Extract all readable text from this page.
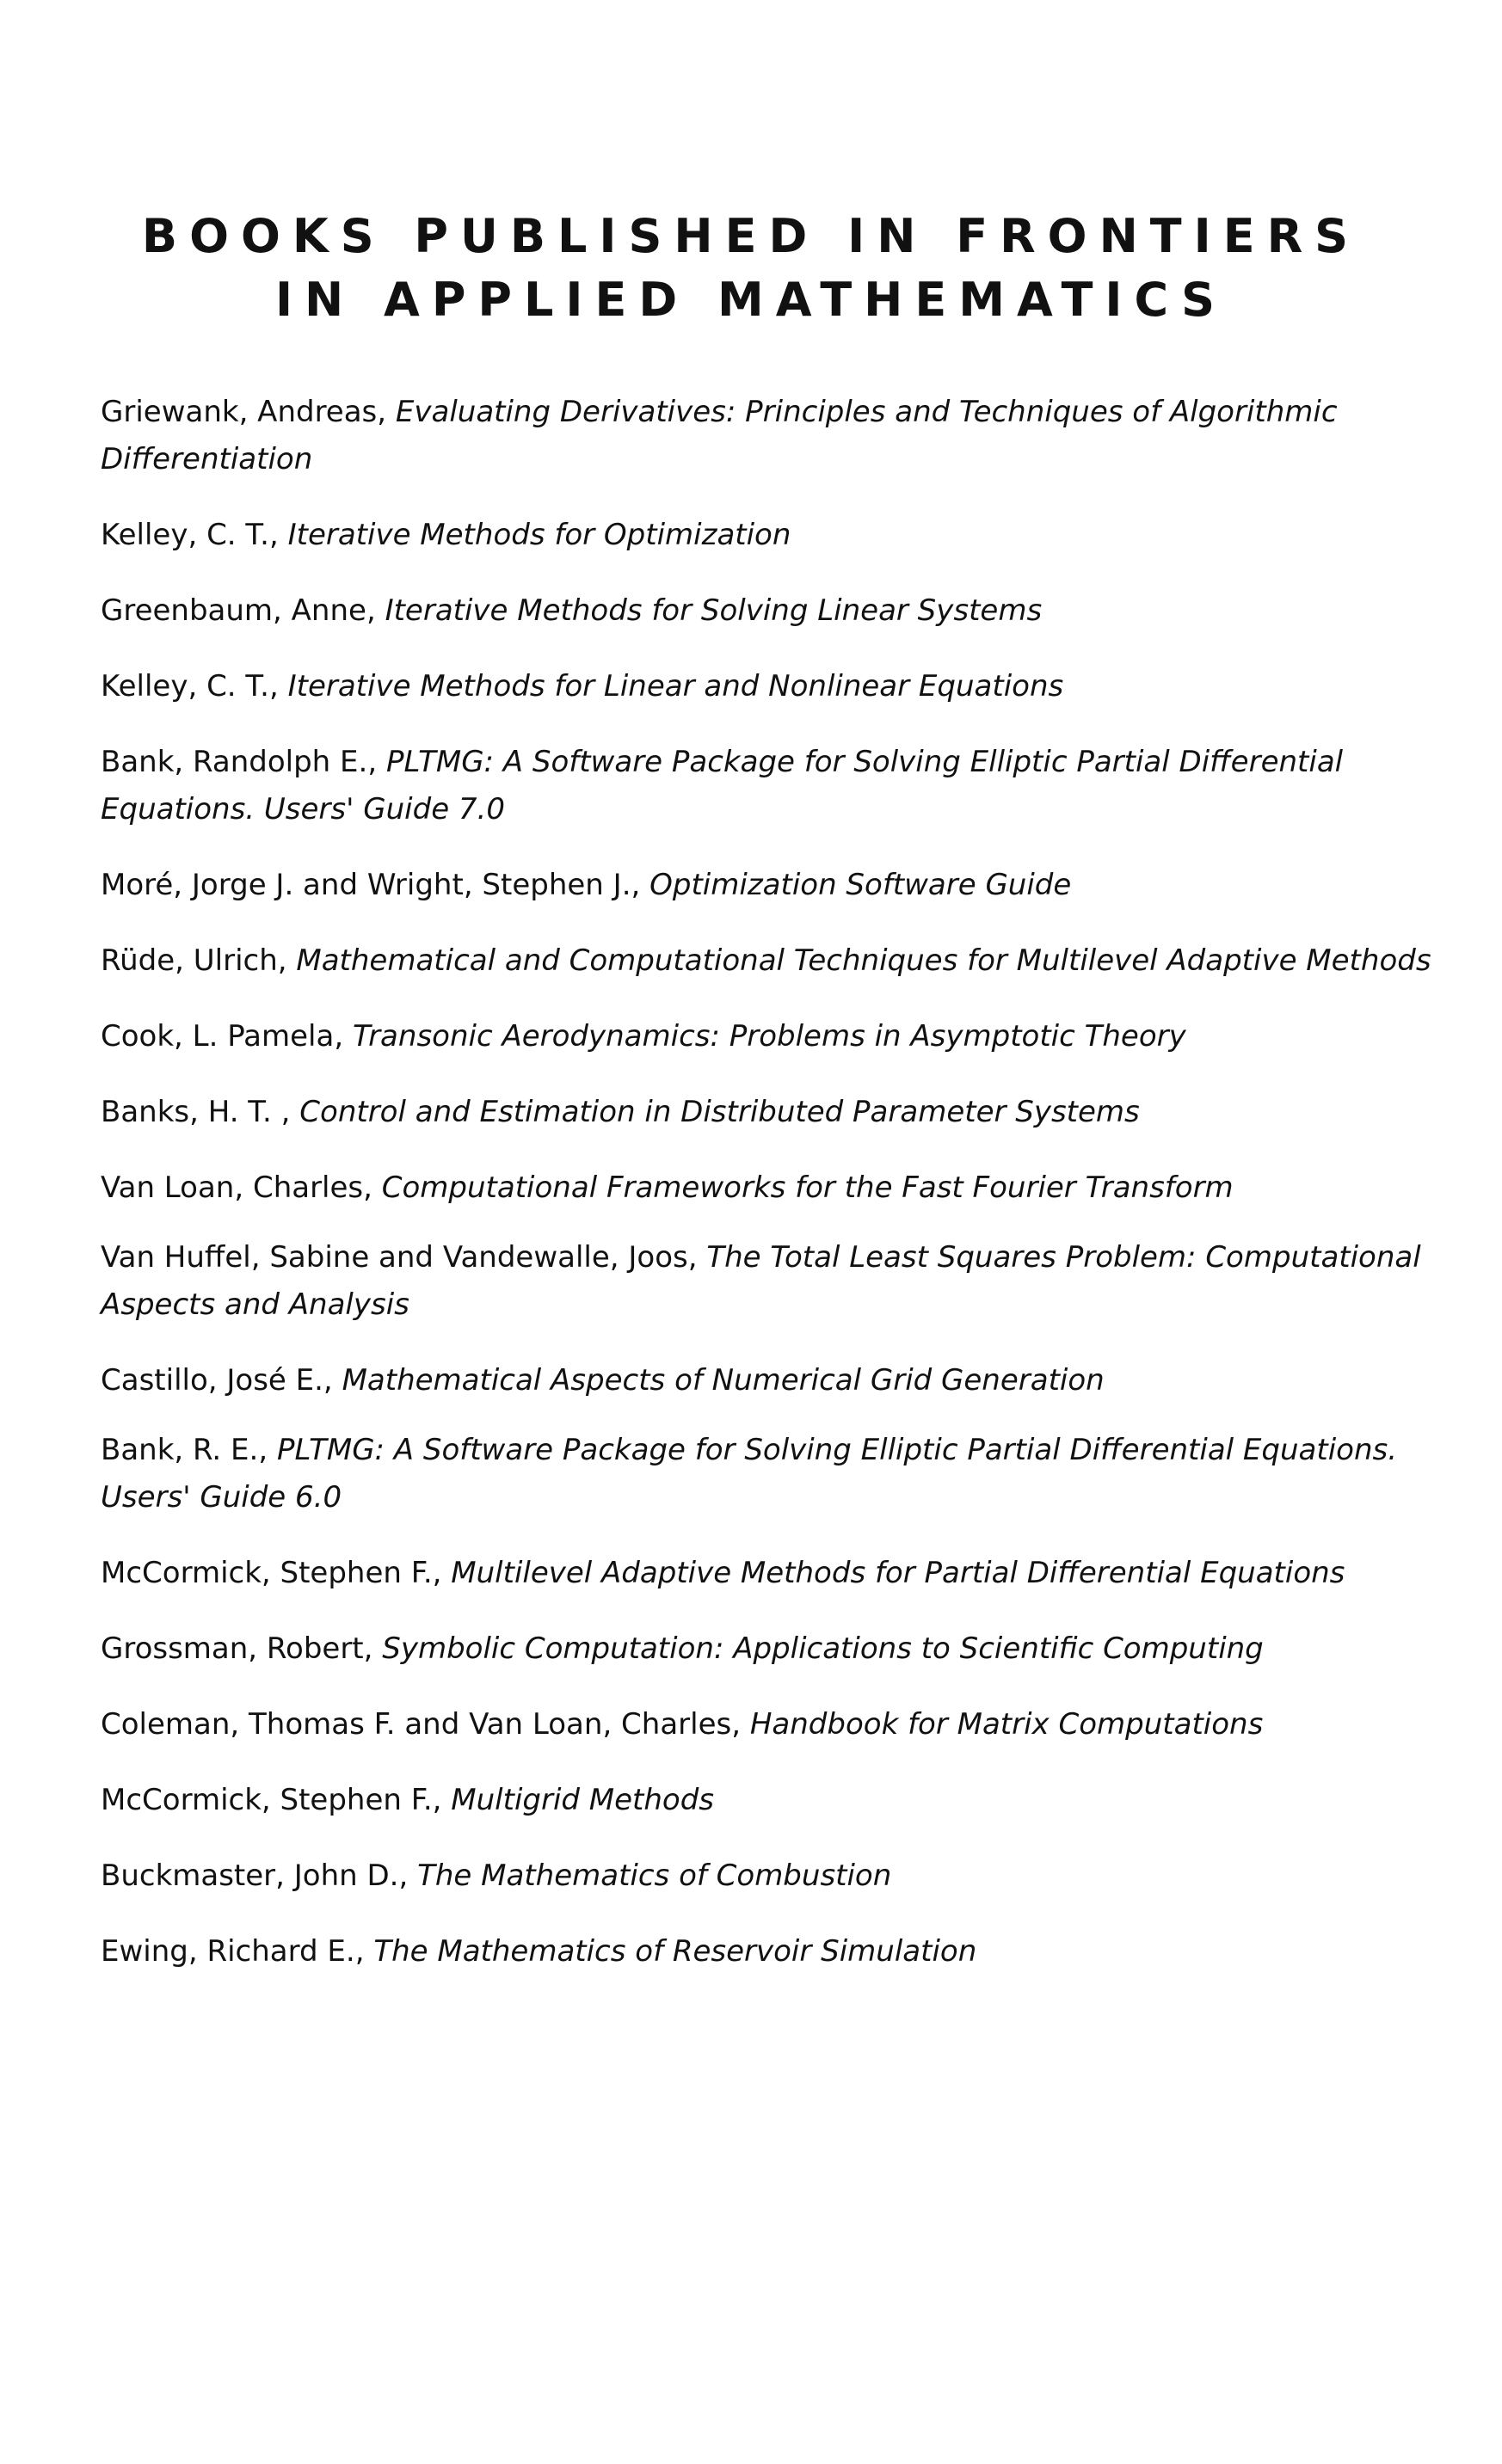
BOOKS PUBLISHED IN FRONTIERS
IN APPLIED MATHEMATICS

Griewank, Andreas, Evaluating Derivatives: Principles and Techniques of Algorithmic Differentiation

Kelley, C. T., Iterative Methods for Optimization

Greenbaum, Anne, Iterative Methods for Solving Linear Systems

Kelley, C. T., Iterative Methods for Linear and Nonlinear Equations

Bank, Randolph E., PLTMG: A Software Package for Solving Elliptic Partial Differential Equations. Users' Guide 7.0

Moré, Jorge J. and Wright, Stephen J., Optimization Software Guide

Rüde, Ulrich, Mathematical and Computational Techniques for Multilevel Adaptive Methods

Cook, L. Pamela, Transonic Aerodynamics: Problems in Asymptotic Theory

Banks, H. T. , Control and Estimation in Distributed Parameter Systems

Van Loan, Charles, Computational Frameworks for the Fast Fourier Transform

Van Huffel, Sabine and Vandewalle, Joos, The Total Least Squares Problem: Computational Aspects and Analysis

Castillo, José E., Mathematical Aspects of Numerical Grid Generation

Bank, R. E., PLTMG: A Software Package for Solving Elliptic Partial Differential Equations. Users' Guide 6.0

McCormick, Stephen F., Multilevel Adaptive Methods for Partial Differential Equations

Grossman, Robert, Symbolic Computation: Applications to Scientific Computing

Coleman, Thomas F. and Van Loan, Charles, Handbook for Matrix Computations

McCormick, Stephen F., Multigrid Methods

Buckmaster, John D., The Mathematics of Combustion

Ewing, Richard E., The Mathematics of Reservoir Simulation
